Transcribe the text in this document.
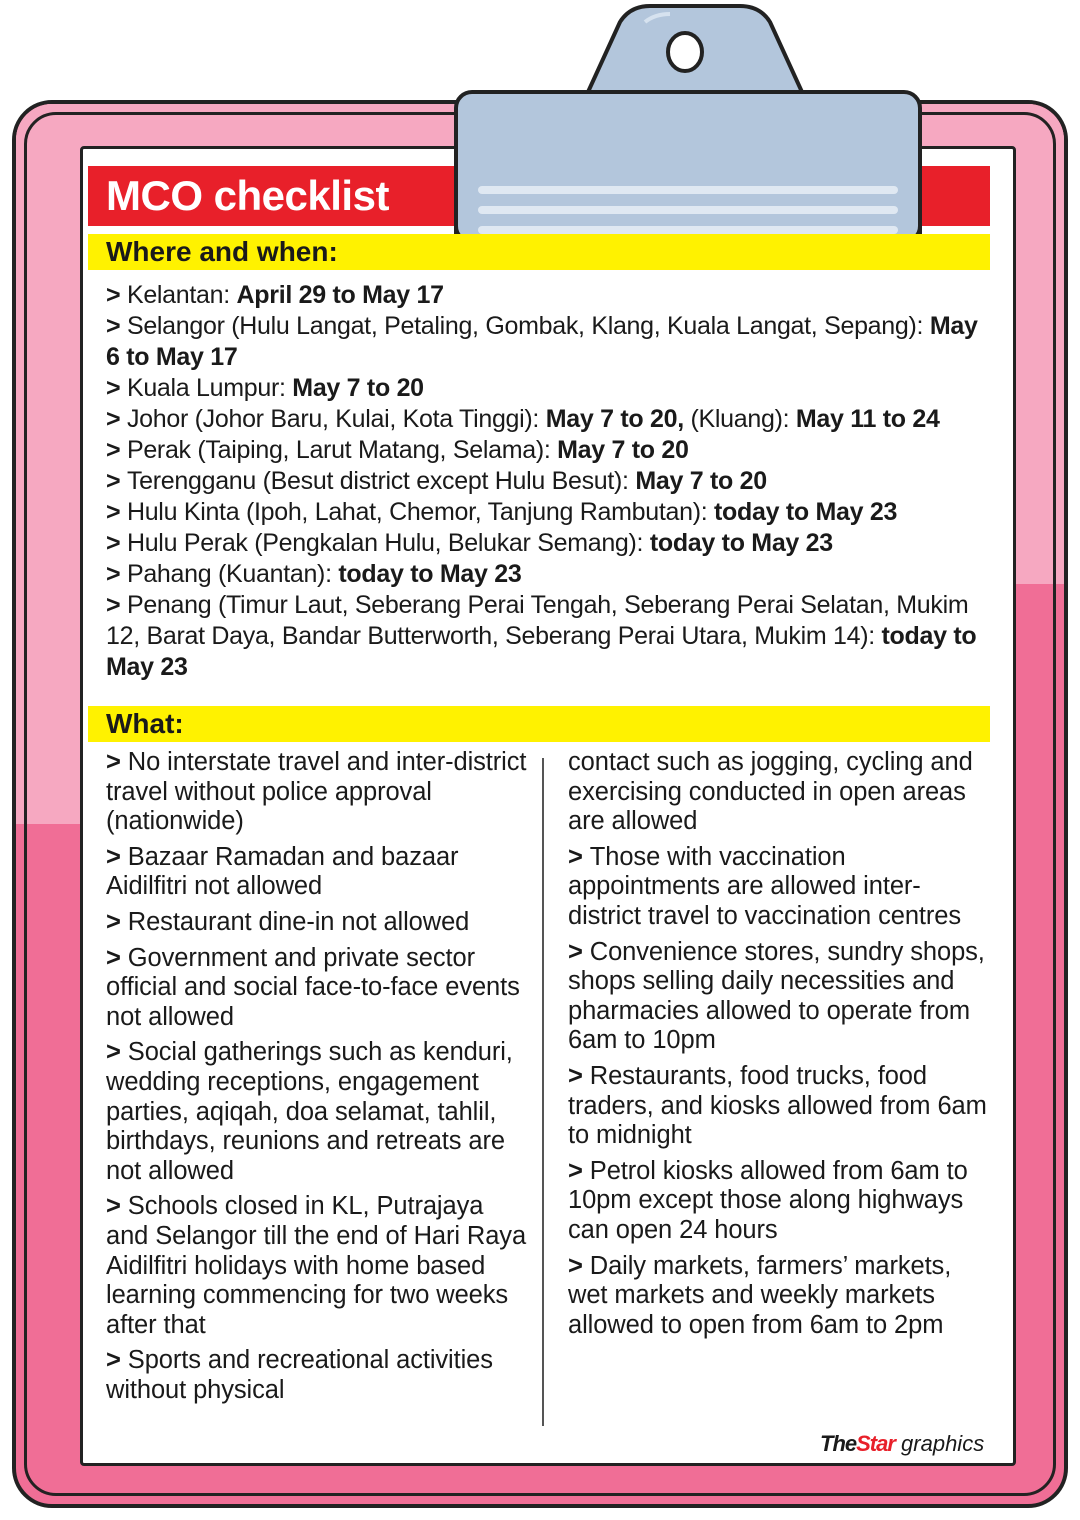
MCO checklist
Where and when:

> Kelantan: April 29 to May 17

> Selangor (Hulu Langat, Petaling, Gombak, Klang, Kuala Langat, Sepang): May 6 to May 17

> Kuala Lumpur: May 7 to 20

> Johor (Johor Baru, Kulai, Kota Tinggi): May 7 to 20, (Kluang): May 11 to 24

> Perak (Taiping, Larut Matang, Selama): May 7 to 20

> Terengganu (Besut district except Hulu Besut): May 7 to 20

> Hulu Kinta (Ipoh, Lahat, Chemor, Tanjung Rambutan): today to May 23

> Hulu Perak (Pengkalan Hulu, Belukar Semang): today to May 23

> Pahang (Kuantan): today to May 23

> Penang (Timur Laut, Seberang Perai Tengah, Seberang Perai Selatan, Mukim 12, Barat Daya, Bandar Butterworth, Seberang Perai Utara, Mukim 14): today to May 23

What:

> No interstate travel and inter-district travel without police approval (nationwide)

> Bazaar Ramadan and bazaar Aidilfitri not allowed

> Restaurant dine-in not allowed

> Government and private sector official and social face-to-face events not allowed

> Social gatherings such as kenduri, wedding receptions, engagement parties, aqiqah, doa selamat, tahlil, birthdays, reunions and retreats are not allowed

> Schools closed in KL, Putrajaya and Selangor till the end of Hari Raya Aidilfitri holidays with home based learning commencing for two weeks after that

> Sports and recreational activities without physical

contact such as jogging, cycling and exercising conducted in open areas are allowed

> Those with vaccination appointments are allowed inter-district travel to vaccination centres

> Convenience stores, sundry shops, shops selling daily necessities and pharmacies allowed to operate from 6am to 10pm

> Restaurants, food trucks, food traders, and kiosks allowed from 6am to midnight

> Petrol kiosks allowed from 6am to 10pm except those along highways can open 24 hours

> Daily markets, farmers’ markets, wet markets and weekly markets allowed to open from 6am to 2pm

TheStar graphics
